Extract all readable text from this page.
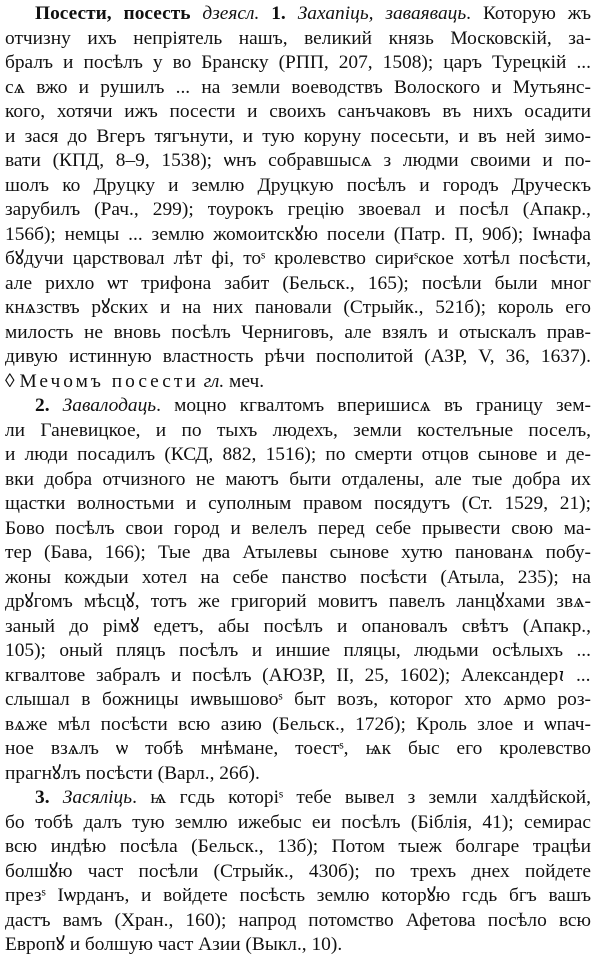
Посести, посесть дзеясл. 1. Захапіць, заваяваць. Которую жъ
отчизну ихъ непрiятель нашъ, великий князь Московскiй, за-
бралъ и посѣлъ у во Бранску (РПП, 207, 1508); царъ Турецкiй ...
сѧ вжо и рушилъ ... на земли воеводствъ Волоского и Мутьянс-
кого, хотячи ижъ посести и своихъ санъчаковъ въ нихъ осадити
и зася до Вгеръ тягънути, и тую коруну посесьти, и въ ней зимо-
вати (КПД, 8–9, 1538); ѡнъ собравшысѧ з людми своими и по-
шолъ ко Друцку и землю Друцкую посѣлъ и городъ Друческъ
зарубилъ (Рач., 299); тоурокъ грецiю звоевал и посѣл (Апакр.,
156б); немцы ... землю жомоитскꙋю посели (Патр. П, 90б); Iѡнафа
бꙋдучи царствовал лѣт фі, тоˢ кролевство сириˢское хотѣл посѣсти,
але рихло ѡт трифона забит (Бельск., 165); посѣли были мног
кнѧзствъ рꙋских и на них пановали (Стрыйк., 521б); король его
милость не вновь посѣлъ Черниговъ, але взялъ и отыскалъ прав-
дивую истинную властность рѣчи посполитой (АЗР, V, 36, 1637).
◊ Мечомъ посести гл. меч.
2. Завалодаць. моцно кгвалтомъ вперишисѧ въ границу зем-
ли Ганевицкое, и по тыхъ людехъ, земли костелъные поселъ,
и люди посадилъ (КСД, 882, 1516); по смерти отцов сынове и де-
вки добра отчизного не маютъ быти отдалены, але тые добра их
щастки волностьми и суполным правом посядутъ (Ст. 1529, 21);
Бово посѣлъ свои город и велелъ перед себе прывести свою ма-
тер (Бава, 166); Тые два Атылевы сынове хутю панованѧ побу-
жоны кождыи хотел на себе панство посѣсти (Атыла, 235); на
дрꙋгомъ мѣсцꙋ, тотъ же григорий мовитъ павелъ ланцꙋхами звѧ-
заный до рiмꙋ едетъ, абы посѣлъ и опановалъ свѣтъ (Апакр.,
105); оный пляцъ посѣлъ и иншие пляцы, людьми осѣлыхъ ...
кгвалтове забралъ и посѣлъ (АЮЗР, II, 25, 1602); Александерꙇ ...
слышал в божницы иѡвышовоˢ быт возъ, которог хто ѧрмо роз-
вѧже мѣл посѣсти всю азию (Бельск., 172б); Кроль злое и ѡпач-
ное взѧлъ ѡ тобѣ мнѣмане, тоестˢ, ѩк быс его кролевство
прагнꙋлъ посѣсти (Варл., 26б).
3. Засяліць. ѩ гсдь которiˢ тебе вывел з земли халдѣйской,
бо тобѣ далъ тую землю ижебыс еи посѣлъ (Бiблiя, 41); семирас
всю индѣю посѣла (Бельск., 13б); Потом тыеж болгаре трацѣи
болшꙋю част посѣли (Стрыйк., 430б); по трехъ днех пойдете
презˢ Iѡрданъ, и войдете посѣсть землю которꙋю гсдь бгъ вашъ
дастъ вамъ (Хран., 160); напрод потомство Афетова посѣло всю
Европꙋ и болшую част Азии (Выкл., 10).
